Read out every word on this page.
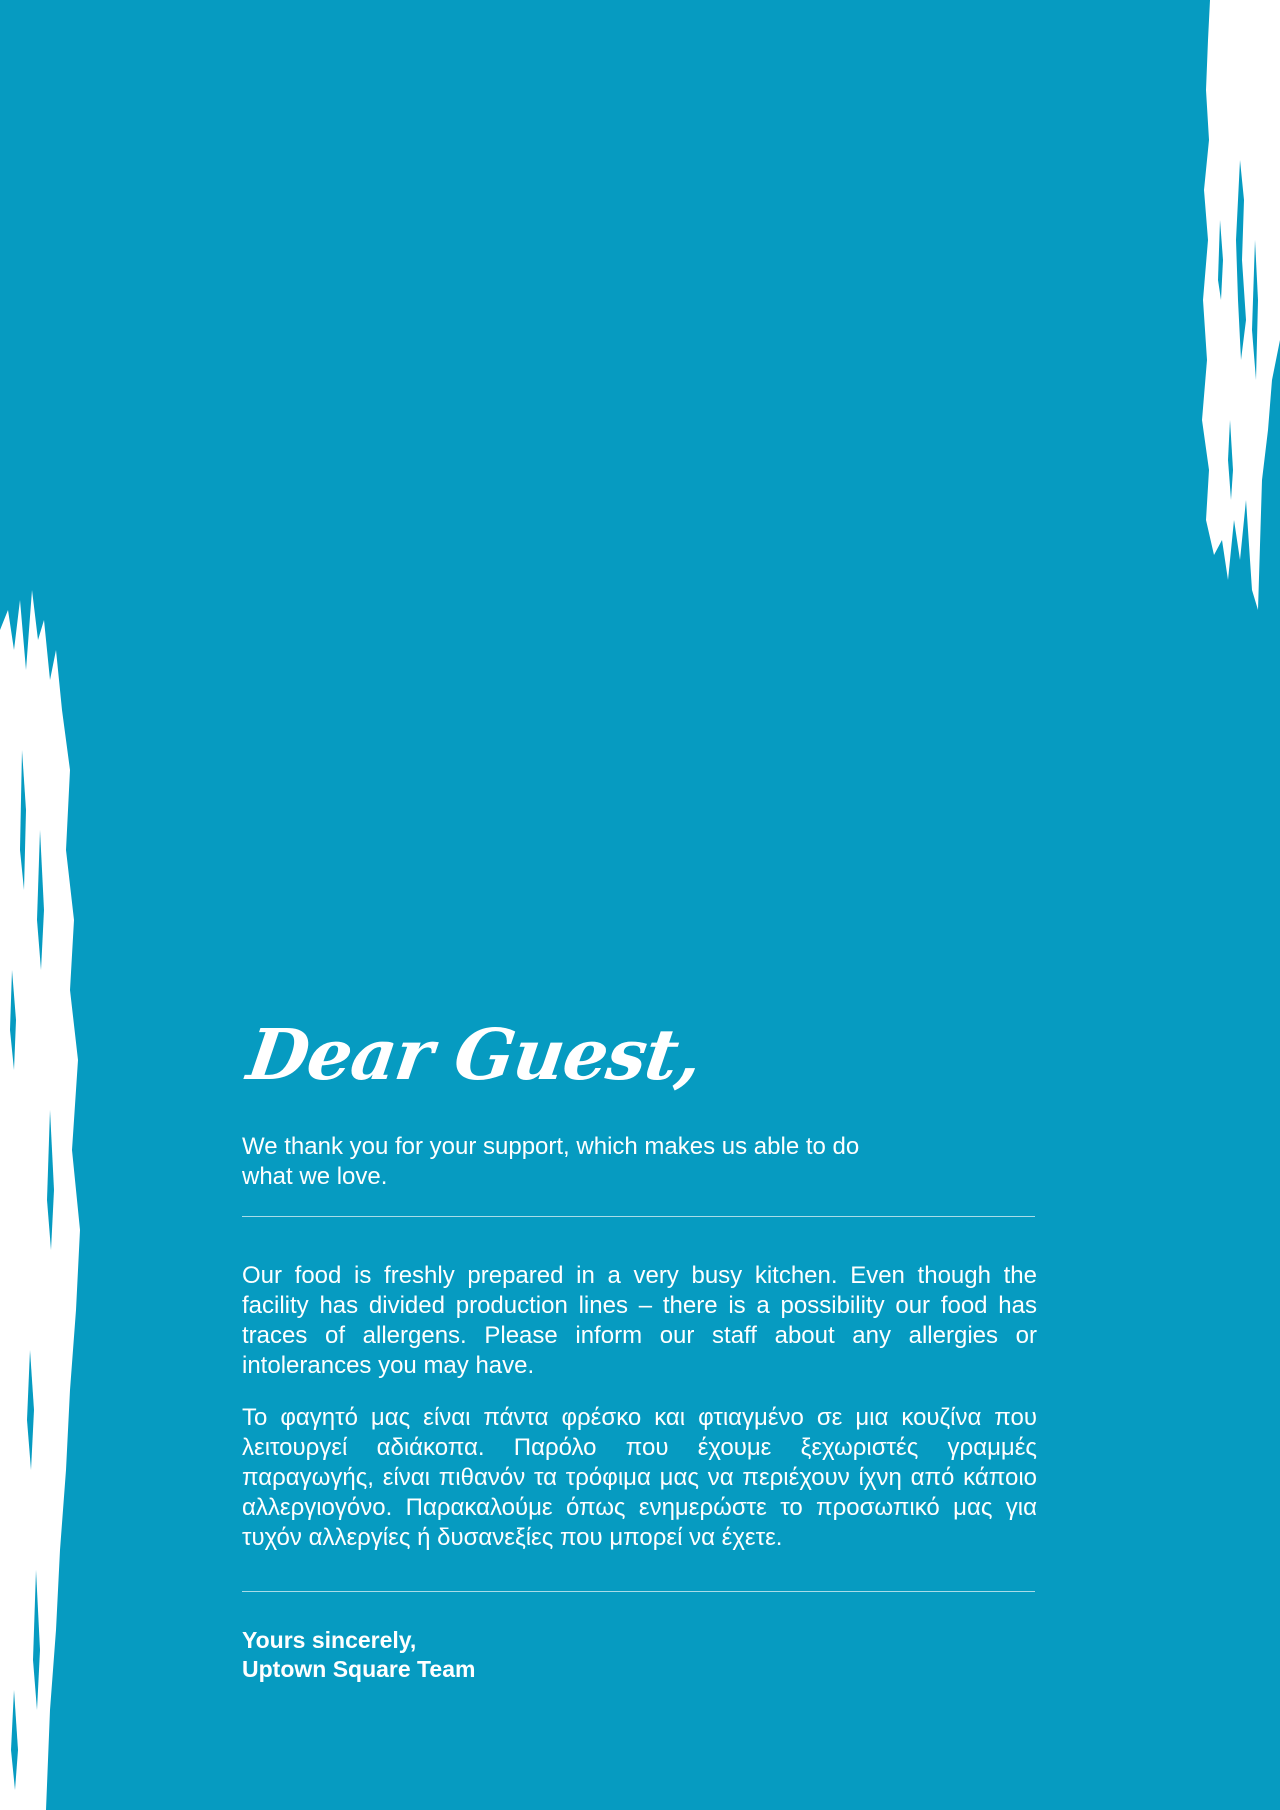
Dear Guest,

We thank you for your support, which makes us able to do what we love.

Our food is freshly prepared in a very busy kitchen. Even though the facility has divided production lines – there is a possibility our food has traces of allergens. Please inform our staff about any allergies or intolerances you may have.

Το φαγητό μας είναι πάντα φρέσκο και φτιαγμένο σε μια κουζίνα που λειτουργεί αδιάκοπα. Παρόλο που έχουμε ξεχωριστές γραμμές παραγωγής, είναι πιθανόν τα τρόφιμα μας να περιέχουν ίχνη από κάποιο αλλεργιογόνο. Παρακαλούμε όπως ενημερώστε το προσωπικό μας για τυχόν αλλεργίες ή δυσανεξίες που μπορεί να έχετε.

Yours sincerely,
Uptown Square Team
